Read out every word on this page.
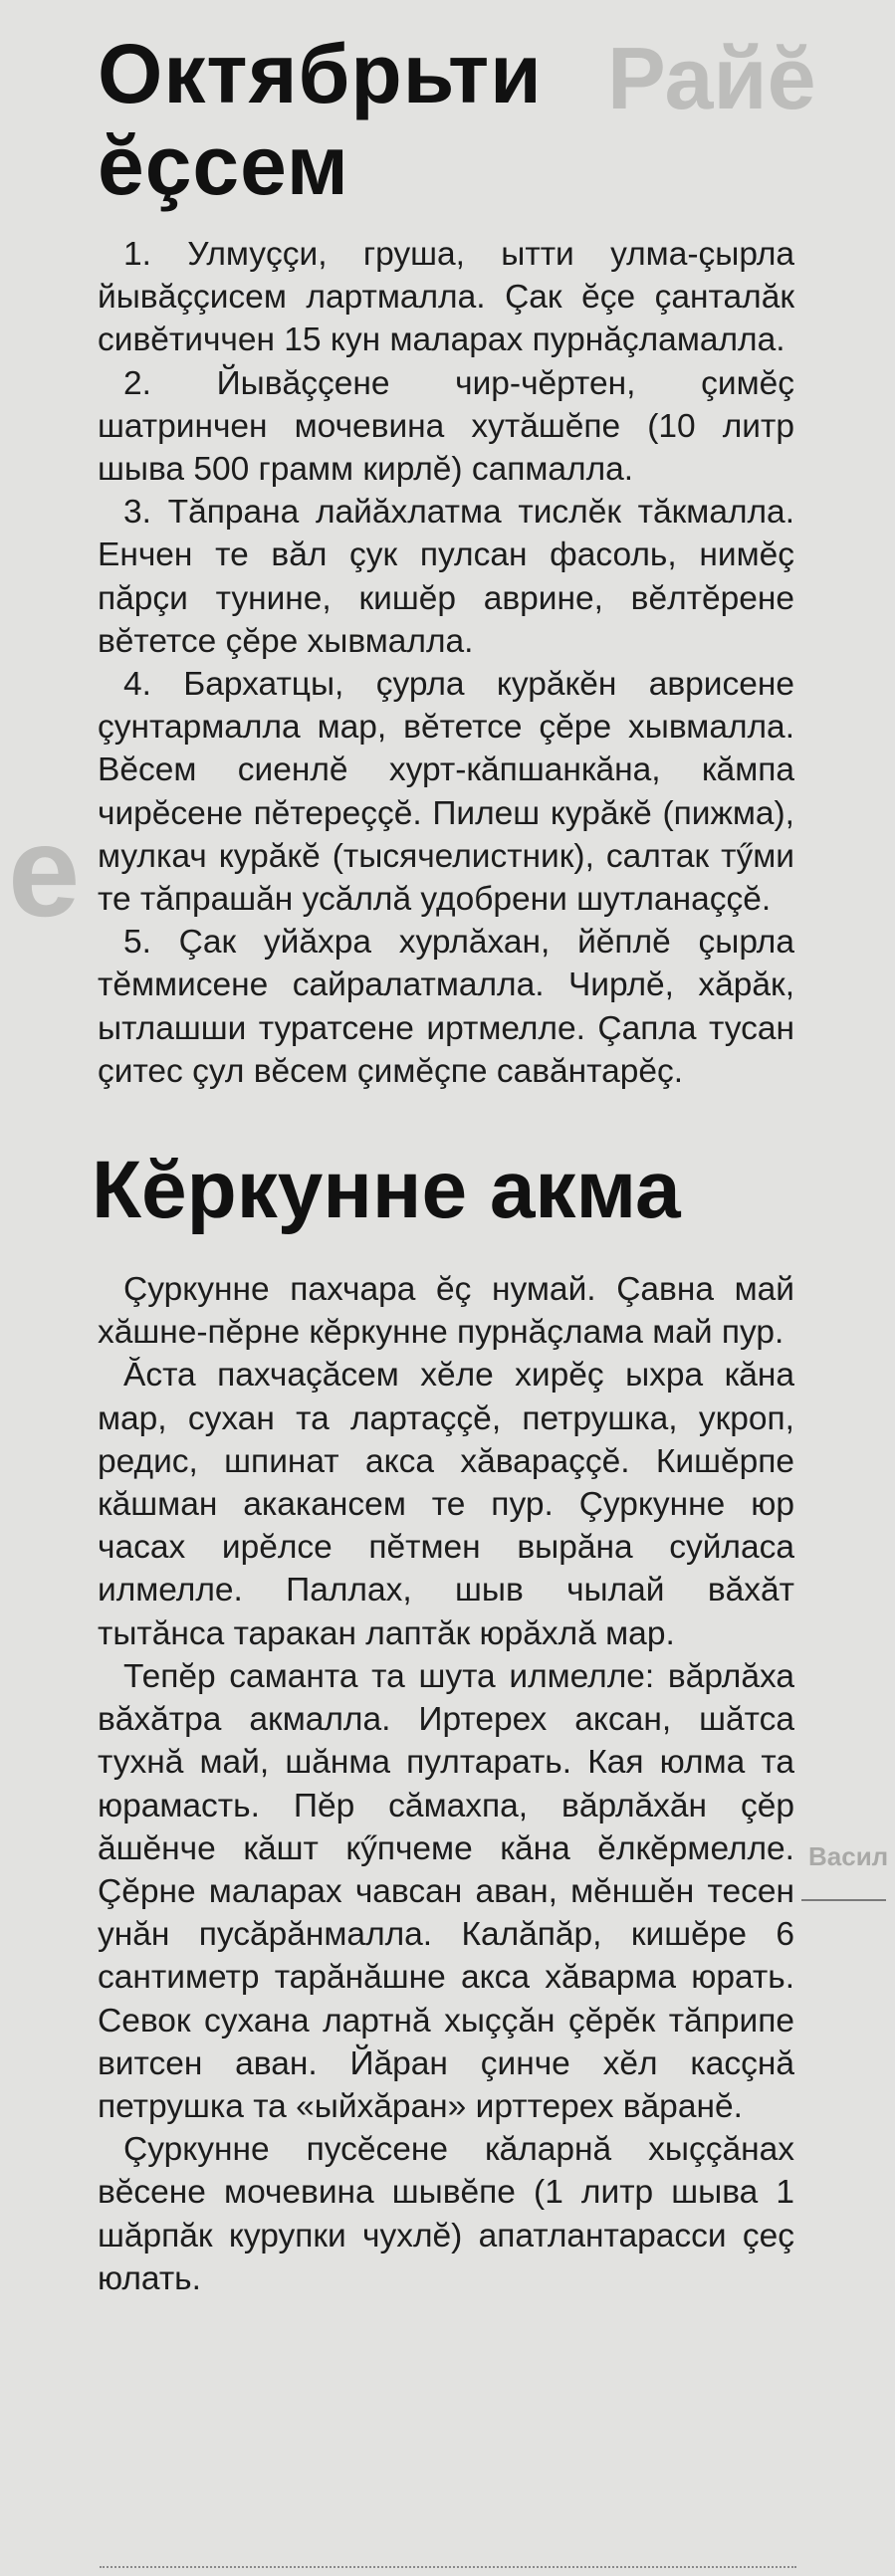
Райĕ
е
Васил
Октябрьти
ĕçсем

1. Улмуççи, груша, ытти улма-çырла йывăççисем лартмалла. Çак ĕçе çанталăк сивĕтиччен 15 кун маларах пурнăçламалла.

2. Йывăççене чир-чĕртен, çимĕç шатринчен мочевина хутăшĕпе (10 литр шыва 500 грамм кирлĕ) сапмалла.

3. Тăпрана лайăхлатма тислĕк тăкмалла. Енчен те вăл çук пулсан фасоль, нимĕç пăрçи тунине, кишĕр аврине, вĕлтĕрене вĕтетсе çĕре хывмалла.

4. Бархатцы, çурла курăкĕн аврисене çунтармалла мар, вĕтетсе çĕре хывмалла. Вĕсем сиенлĕ хурт-кăпшанкăна, кăмпа чирĕсене пĕтереççĕ. Пилеш курăкĕ (пижма), мулкач курăкĕ (тысячелистник), салтак тӳми те тăпрашăн усăллă удобрени шутланаççĕ.

5. Çак уйăхра хурлăхан, йĕплĕ çырла тĕммисене сайралатмалла. Чирлĕ, хăрăк, ытлашши туратсене иртмелле. Çапла тусан çитес çул вĕсем çимĕçпе савăнтарĕç.

Кĕркунне акма

Çуркунне пахчара ĕç нумай. Çавна май хăшне-пĕрне кĕркунне пурнăçлама май пур.

Ăста пахчаçăсем хĕле хирĕç ыхра кăна мар, сухан та лартаççĕ, петрушка, укроп, редис, шпинат акса хăвараççĕ. Кишĕрпе кăшман акакансем те пур. Çуркунне юр часах ирĕлсе пĕтмен вырăна суйласа илмелле. Паллах, шыв чылай вăхăт тытăнса таракан лаптăк юрăхлă мар.

Тепĕр саманта та шута илмелле: вăрлăха вăхăтра акмалла. Иртерех аксан, шăтса тухнă май, шăнма пултарать. Кая юлма та юрамасть. Пĕр сăмахпа, вăрлăхăн çĕр ăшĕнче кăшт кӳпчеме кăна ĕлкĕрмелле. Çĕрне маларах чавсан аван, мĕншĕн тесен унăн пусăрăнмалла. Калăпăр, кишĕре 6 сантиметр тарăнăшне акса хăварма юрать. Севок сухана лартнă хыççăн çĕрĕк тăприпе витсен аван. Йăран çинче хĕл касçнă петрушка та «ыйхăран» ирттерех вăранĕ.

Çуркунне пусĕсене кăларнă хыççăнах вĕсене мочевина шывĕпе (1 литр шыва 1 шăрпăк курупки чухлĕ) апатлантарасси çеç юлать.
